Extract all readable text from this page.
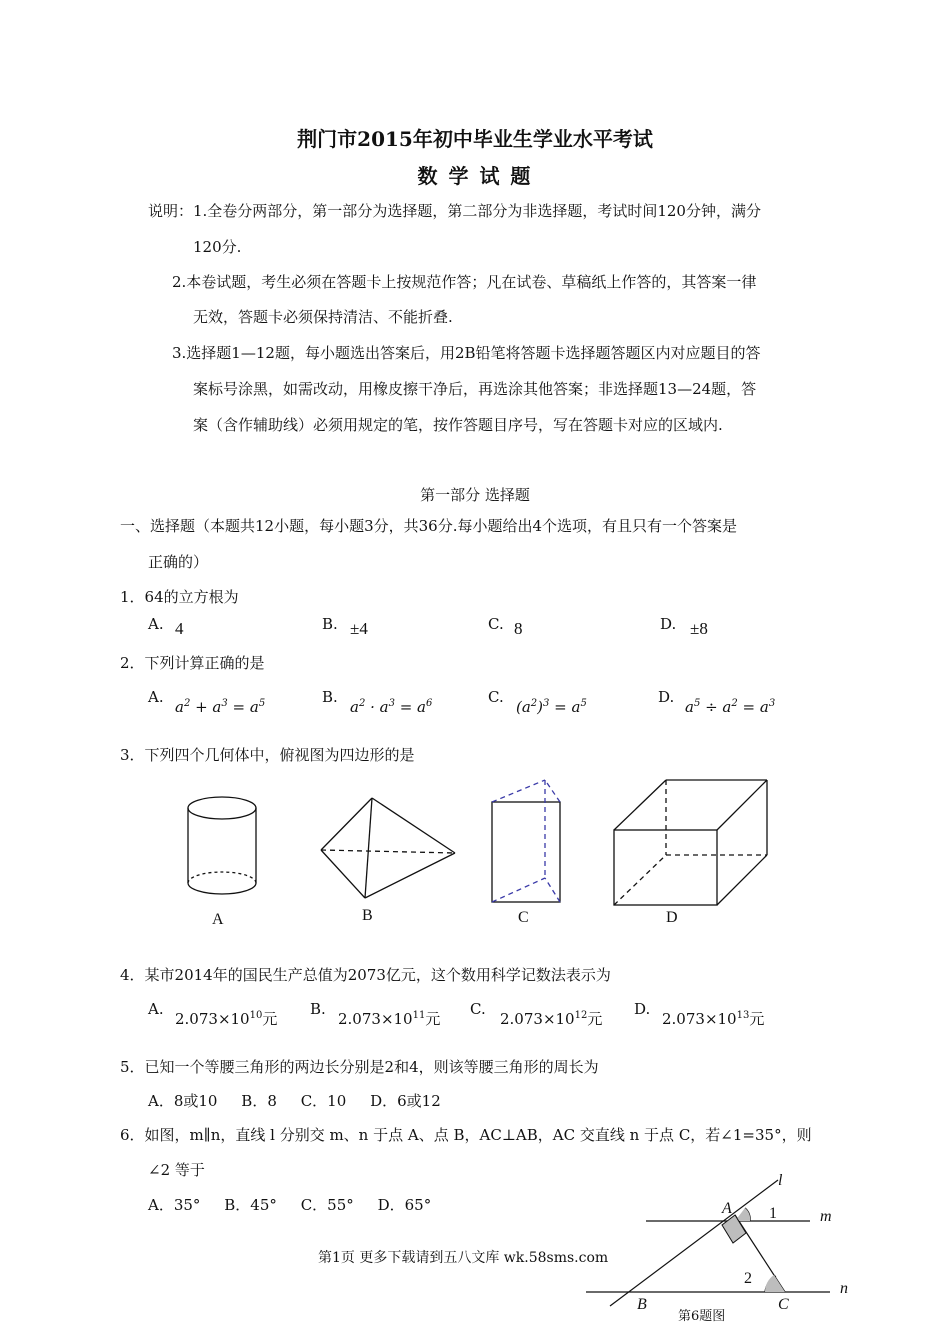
荆门市2015年初中毕业生学业水平考试
数 学 试 题
说明： 1.全卷分两部分，第一部分为选择题，第二部分为非选择题，考试时间120分钟，满分
120分.
2.本卷试题，考生必须在答题卡上按规范作答；凡在试卷、草稿纸上作答的，其答案一律
无效，答题卡必须保持清洁、不能折叠.
3.选择题1—12题，每小题选出答案后，用2B铅笔将答题卡选择题答题区内对应题目的答
案标号涂黑，如需改动，用橡皮擦干净后，再选涂其他答案；非选择题13—24题，答
案（含作辅助线）必须用规定的笔，按作答题目序号，写在答题卡对应的区域内.
第一部分 选择题
一、选择题（本题共12小题，每小题3分，共36分.每小题给出4个选项，有且只有一个答案是
正确的）
1．64的立方根为
A. 4	B. ±4	C. 8	D. ±8
2．下列计算正确的是
A.
$a^2 + a^3 = a^5$	B.
$a^2 \cdot a^3 = a^6$	C.
$(a^2)^3 = a^5$	D.
$a^5 \div a^2 = a^3$
3．下列四个几何体中，俯视图为四边形的是
A	B	C	D
4．某市2014年的国民生产总值为2073亿元，这个数用科学记数法表示为
A.
$2.073\times 10^{10}$元
B.
$2.073\times 10^{11}$元
C.
$2.073\times 10^{12}$元
D.
$2.073\times 10^{13}$元
5．已知一个等腰三角形的两边长分别是2和4，则该等腰三角形的周长为
A．8或10     B．8     C．10     D．6或12
6．如图，m∥n，直线 l 分别交 m、n 于点 A、点 B，AC⊥AB，AC 交直线 n 于点 C，若∠1=35°，则
∠2 等于
A．35°     B．45°     C．55°     D．65°
l
m
n
A
B	C
1
2
第6题图
第1页 更多下载请到五八文库 wk.58sms.com
